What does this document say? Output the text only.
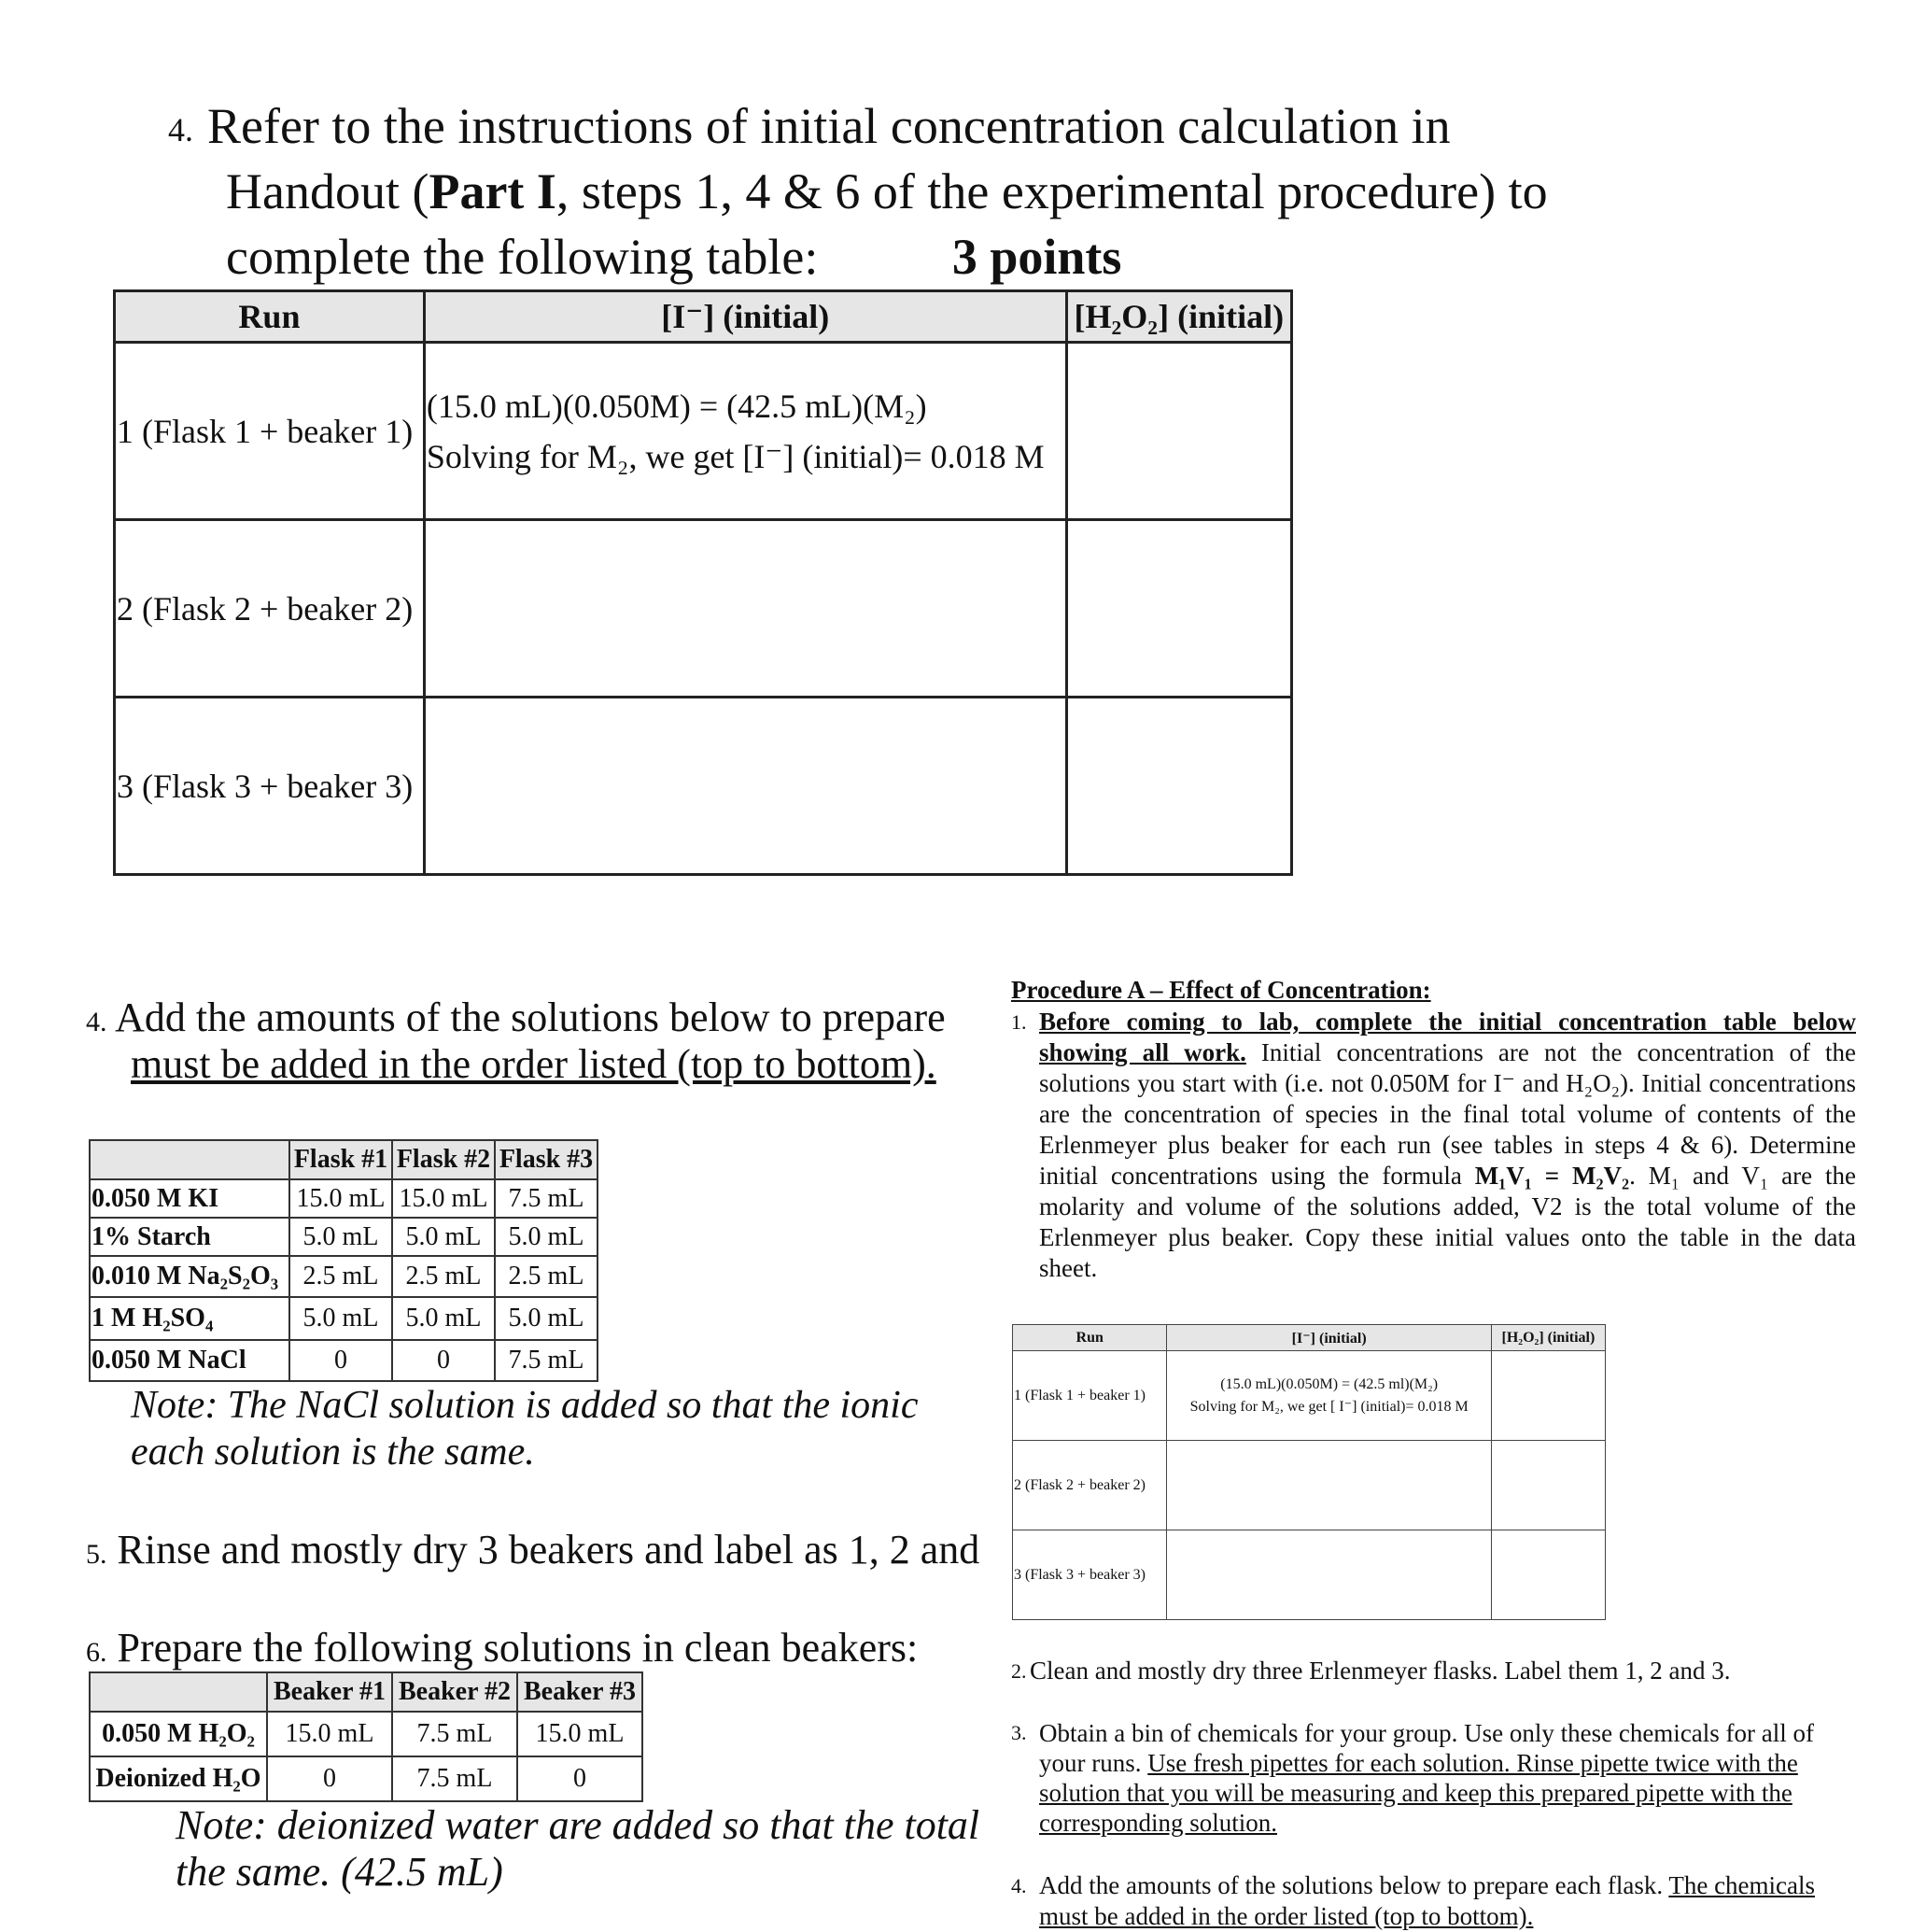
4. Refer to the instructions of initial concentration calculation in
Handout (Part I, steps 1, 4 & 6 of the experimental procedure) to
complete the following table:	3 points
Run	[I⁻] (initial)	[H₂O₂] (initial)
1 (Flask 1 + beaker 1)	(15.0 mL)(0.050M) = (42.5 mL)(M₂)
Solving for M₂, we get [I⁻] (initial)= 0.018 M	

2 (Flask 2 + beaker 2)		
3 (Flask 3 + beaker 3)		
4. Add the amounts of the solutions below to prepare
must be added in the order listed (top to bottom).
	Flask #1	Flask #2	Flask #3
0.050 M KI	15.0 mL	15.0 mL	7.5 mL
1% Starch	5.0 mL	5.0 mL	5.0 mL
0.010 M Na₂S₂O₃	2.5 mL	2.5 mL	2.5 mL
1 M H₂SO₄	5.0 mL	5.0 mL	5.0 mL
0.050 M NaCl	0	0	7.5 mL
Note: The NaCl solution is added so that the ionic
each solution is the same.
5. Rinse and mostly dry 3 beakers and label as 1, 2 and
6. Prepare the following solutions in clean beakers:
	Beaker #1	Beaker #2	Beaker #3
0.050 M H₂O₂	15.0 mL	7.5 mL	15.0 mL
Deionized H₂O	0	7.5 mL	0
Note: deionized water are added so that the total
the same. (42.5 mL)
Procedure A – Effect of Concentration:
1. Before coming to lab, complete the initial concentration table below showing all work. Initial concentrations are not the concentration of the solutions you start with (i.e. not 0.050M for I⁻ and H₂O₂). Initial concentrations are the concentration of species in the final total volume of contents of the Erlenmeyer plus beaker for each run (see tables in steps 4 & 6). Determine initial concentrations using the formula M₁V₁ = M₂V₂. M₁ and V₁ are the molarity and volume of the solutions added, V2 is the total volume of the Erlenmeyer plus beaker. Copy these initial values onto the table in the data sheet.
Run	[I⁻] (initial)	[H₂O₂] (initial)
1 (Flask 1 + beaker 1)	(15.0 mL)(0.050M) = (42.5 ml)(M₂)
Solving for M₂, we get [ I⁻] (initial)= 0.018 M	

2 (Flask 2 + beaker 2)		
3 (Flask 3 + beaker 3)		
2. Clean and mostly dry three Erlenmeyer flasks. Label them 1, 2 and 3.
3. Obtain a bin of chemicals for your group. Use only these chemicals for all of your runs. Use fresh pipettes for each solution. Rinse pipette twice with the solution that you will be measuring and keep this prepared pipette with the corresponding solution.
4. Add the amounts of the solutions below to prepare each flask. The chemicals must be added in the order listed (top to bottom).
